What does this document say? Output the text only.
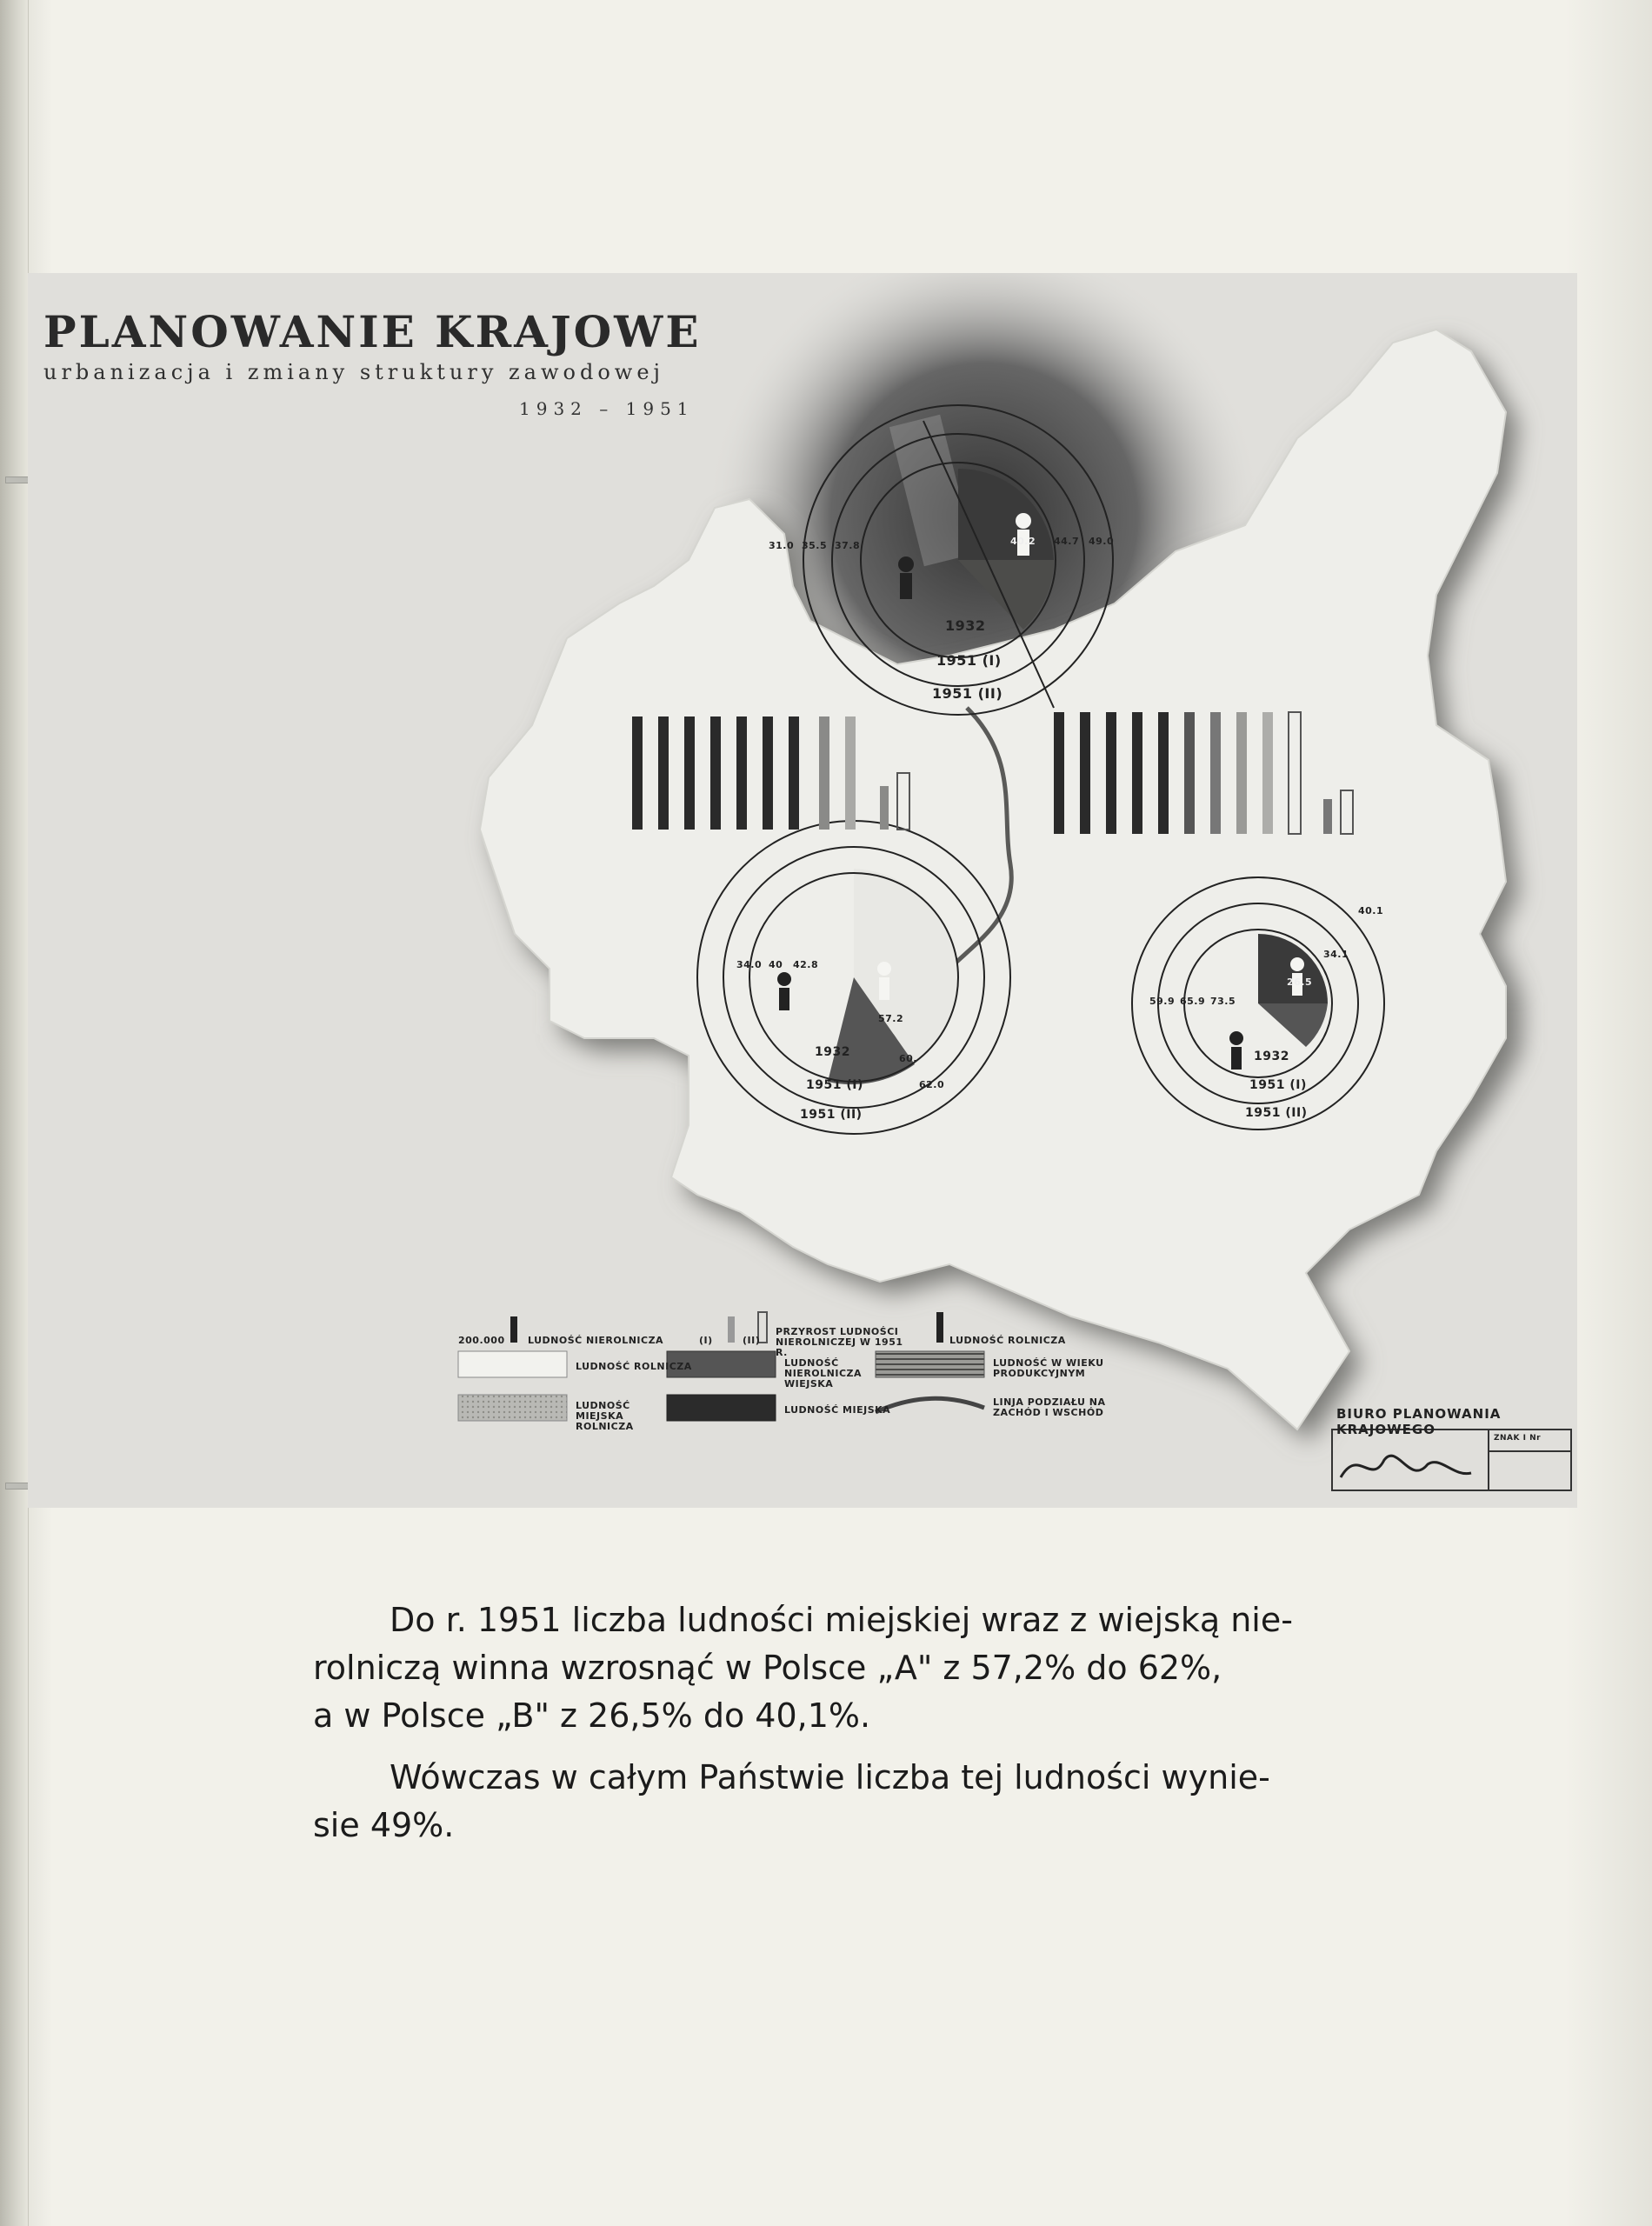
PLANOWANIE KRAJOWE

urbanizacja i zmiany struktury zawodowej

1932 – 1951

31.0 35.5 37.8	40.2 44.7 49.0
1932
1951 (I)
1951 (II)
34.0 40 42.8
57.2
60.
62.0
1932
1951 (I)
1951 (II)
59.9 65.9 73.5
26.5
34.1
40.1
1932
1951 (I)
1951 (II)
200.000 LUDNOŚĆ NIEROLNICZA
LUDNOŚĆ ROLNICZA
LUDNOŚĆ MIEJSKA ROLNICZA
(I)	(II)
PRZYROST LUDNOŚCI NIEROLNICZEJ W 1951 R.
LUDNOŚĆ NIEROLNICZA WIEJSKA
LUDNOŚĆ MIEJSKA
LUDNOŚĆ ROLNICZA
LUDNOŚĆ W WIEKU PRODUKCYJNYM
LINJA PODZIAŁU NA ZACHÓD I WSCHÓD	BIURO PLANOWANIA KRAJOWEGO
ZNAK I Nr

Do r. 1951 liczba ludności miejskiej wraz z wiejską nie-
rolniczą winna wzrosnąć w Polsce „A" z 57,2% do 62%,
a w Polsce „B" z 26,5% do 40,1%.

Wówczas w całym Państwie liczba tej ludności wynie-
sie 49%.
